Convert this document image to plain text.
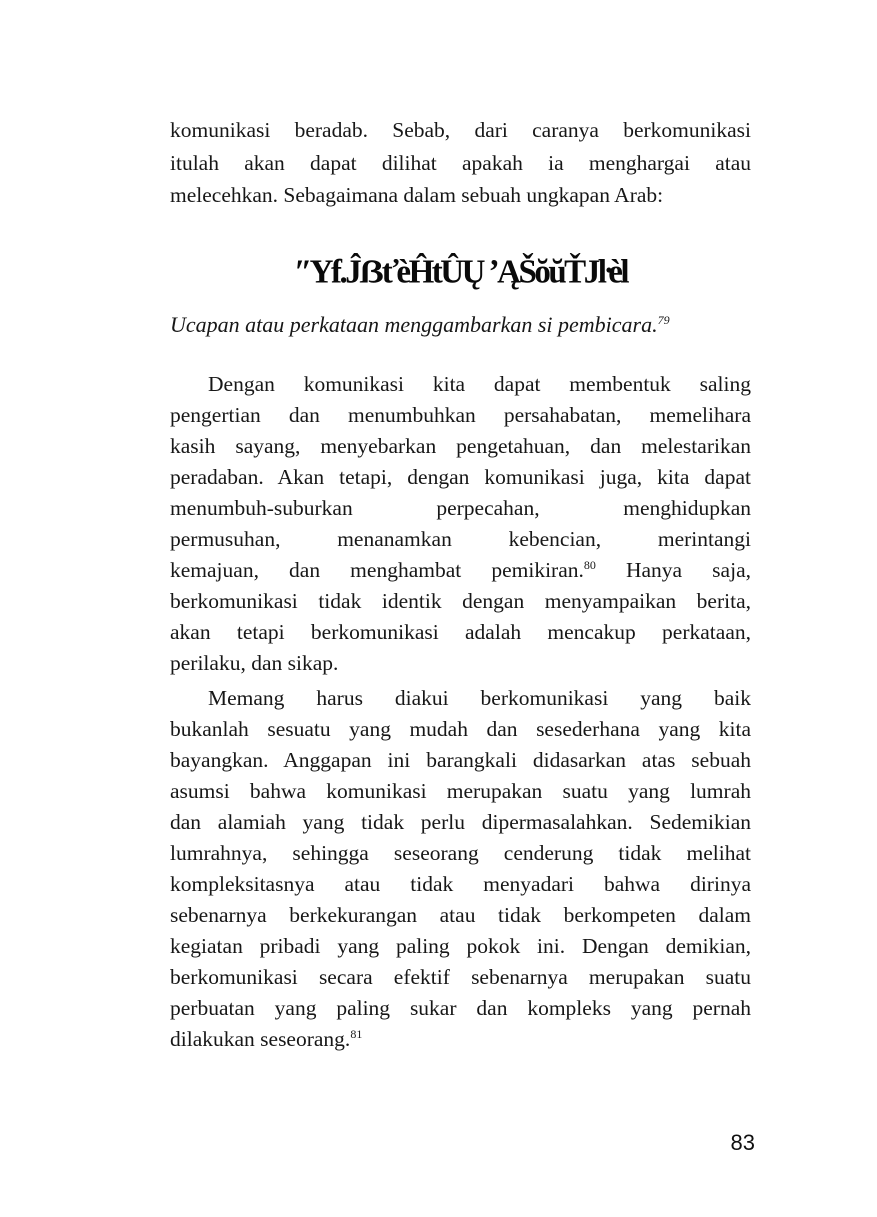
komunikasi beradab. Sebab, dari caranya berkomunikasi
itulah akan dapat dilihat apakah ia menghargai atau
melecehkan. Sebagaimana dalam sebuah ungkapan Arab:
″Yf.ĴẞťèĤtÛŲ ʼĄŠŏŭŤJŀèl
Ucapan atau perkataan menggambarkan si pembicara.$^{79}$
Dengan komunikasi kita dapat membentuk saling
pengertian dan menumbuhkan persahabatan, memelihara
kasih sayang, menyebarkan pengetahuan, dan melestarikan
peradaban. Akan tetapi, dengan komunikasi juga, kita dapat
menumbuh-suburkan perpecahan, menghidupkan
permusuhan, menanamkan kebencian, merintangi
kemajuan, dan menghambat pemikiran.$^{80}$ Hanya saja,
berkomunikasi tidak identik dengan menyampaikan berita,
akan tetapi berkomunikasi adalah mencakup perkataan,
perilaku, dan sikap.
Memang harus diakui berkomunikasi yang baik
bukanlah sesuatu yang mudah dan sesederhana yang kita
bayangkan. Anggapan ini barangkali didasarkan atas sebuah
asumsi bahwa komunikasi merupakan suatu yang lumrah
dan alamiah yang tidak perlu dipermasalahkan. Sedemikian
lumrahnya, sehingga seseorang cenderung tidak melihat
kompleksitasnya atau tidak menyadari bahwa dirinya
sebenarnya berkekurangan atau tidak berkompeten dalam
kegiatan pribadi yang paling pokok ini. Dengan demikian,
berkomunikasi secara efektif sebenarnya merupakan suatu
perbuatan yang paling sukar dan kompleks yang pernah
dilakukan seseorang.$^{81}$
83
